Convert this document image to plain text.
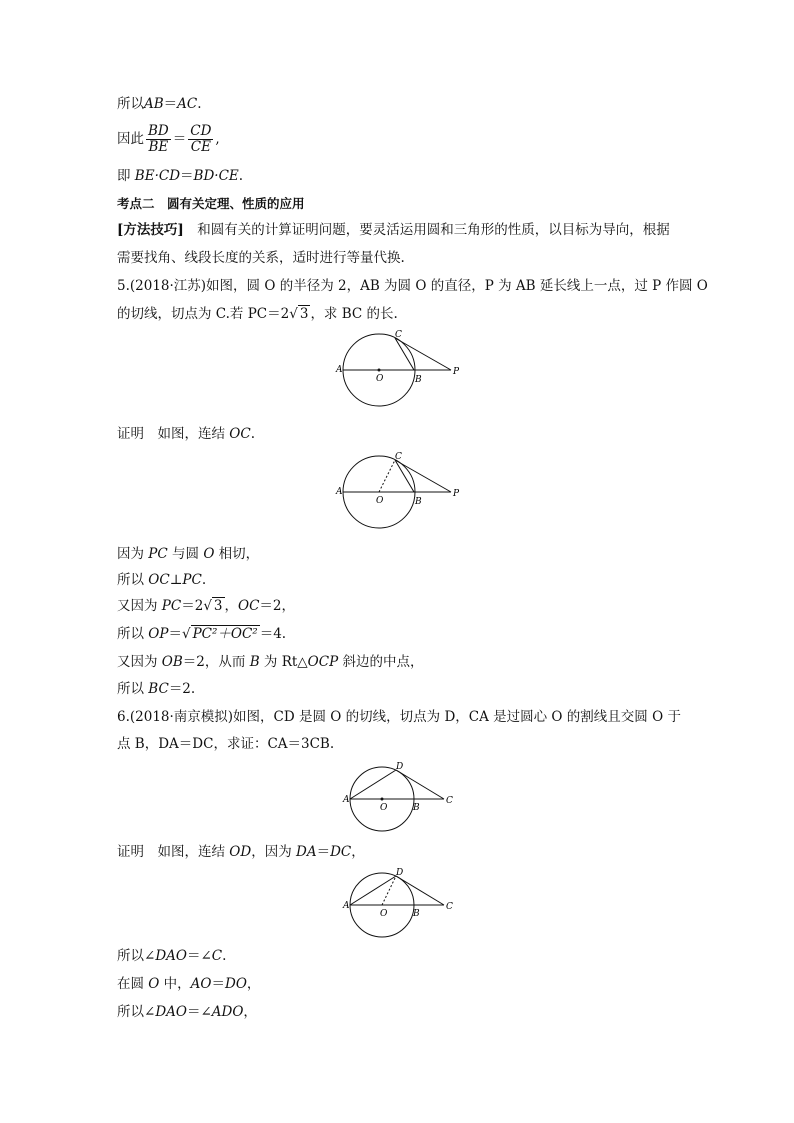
所以AB＝AC.
因此 $\frac{BD}{BE} = \frac{CD}{CE}$ ,
即 BE·CD＝BD·CE.
考点二　圆有关定理、性质的应用
[方法技巧]　和圆有关的计算证明问题，要灵活运用圆和三角形的性质，以目标为导向，根据
需要找角、线段长度的关系，适时进行等量代换.
5.(2018·江苏)如图，圆 O 的半径为 2，AB 为圆 O 的直径，P 为 AB 延长线上一点，过 P 作圆 O
的切线，切点为 C.若 PC＝2√ 3 ，求 BC 的长.
A
O	B
C
P
证明　如图，连结 OC.
A
O	B
C
P
因为 PC 与圆 O 相切，
所以 OC⊥PC.
又因为 PC＝2√ 3 ，OC＝2，
所以 OP＝√ PC²＋OC² ＝4.
又因为 OB＝2，从而 B 为 Rt△OCP 斜边的中点，
所以 BC＝2.
6.(2018·南京模拟)如图，CD 是圆 O 的切线，切点为 D，CA 是过圆心 O 的割线且交圆 O 于
点 B，DA＝DC，求证：CA＝3CB.
A
O	B
C
D
证明　如图，连结 OD，因为 DA＝DC，
A
O	B
C
D
所以∠DAO＝∠C.
在圆 O 中，AO＝DO，
所以∠DAO＝∠ADO，
